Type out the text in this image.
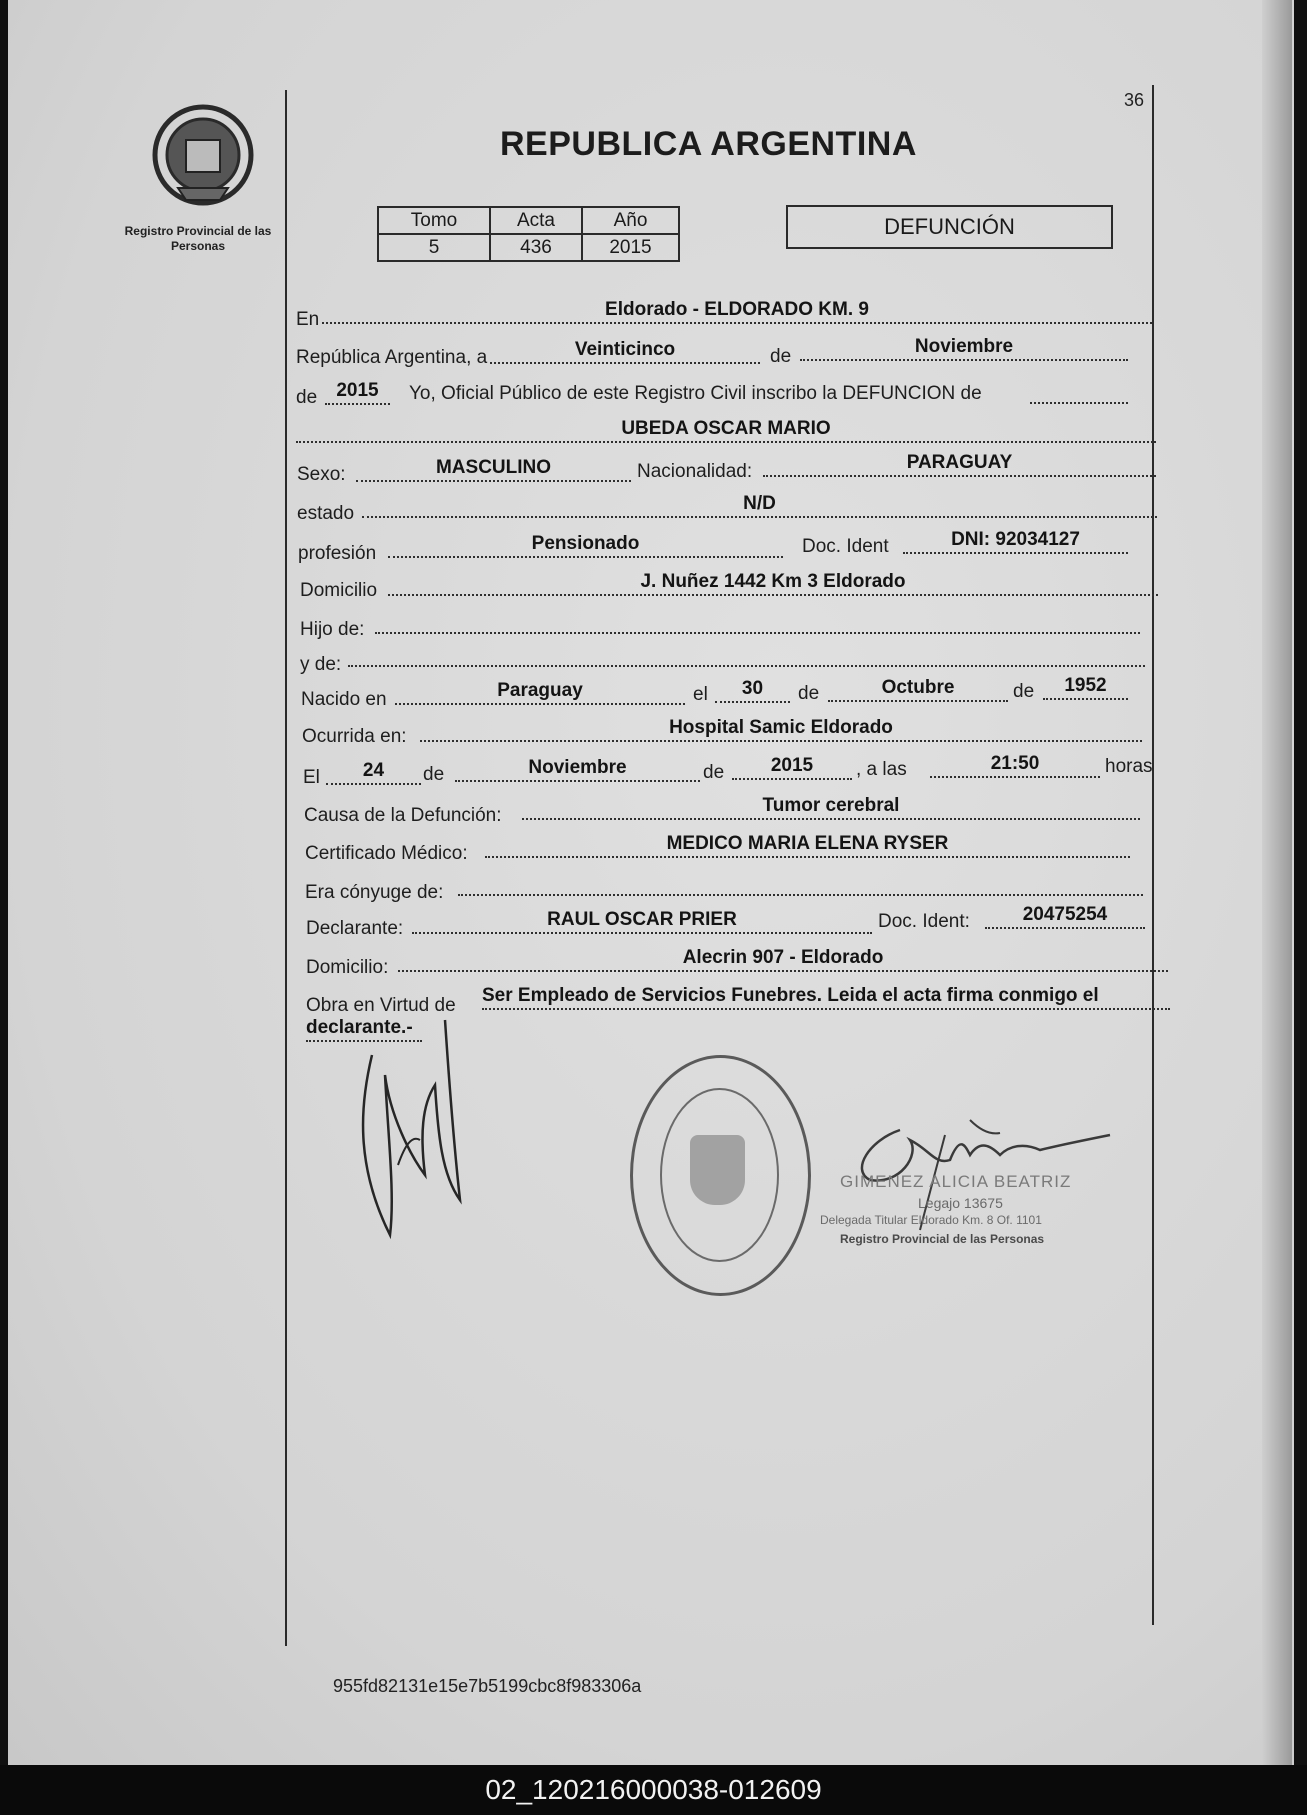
Registro Provincial de las Personas
36
REPUBLICA ARGENTINA
Tomo	Acta	Año
5	436	2015
DEFUNCIÓN
En	Eldorado - ELDORADO KM. 9
República Argentina, a	Veinticinco	de	Noviembre
de	2015	Yo, Oficial Público de este Registro Civil inscribo la DEFUNCION de
UBEDA OSCAR MARIO
Sexo:	MASCULINO	Nacionalidad:	PARAGUAY
estado	N/D
profesión	Pensionado	Doc. Ident	DNI: 92034127
Domicilio	J. Nuñez 1442 Km 3 Eldorado
Hijo de:
y de:
Nacido en	Paraguay	el	30	de	Octubre	de	1952
Ocurrida en:	Hospital Samic Eldorado
El	24	de	Noviembre	de	2015	, a las	21:50	horas
Causa de la Defunción:	Tumor cerebral
Certificado Médico:	MEDICO MARIA ELENA RYSER
Era cónyuge de:
Declarante:	RAUL OSCAR PRIER	Doc. Ident:	20475254
Domicilio:	Alecrin 907 - Eldorado
Obra en Virtud de Ser Empleado de Servicios Funebres. Leida el acta firma conmigo el
declarante.-
GIMENEZ ALICIA BEATRIZ
Legajo 13675
Delegada Titular Eldorado Km. 8 Of. 1101
Registro Provincial de las Personas
955fd82131e15e7b5199cbc8f983306a
02_120216000038-012609
